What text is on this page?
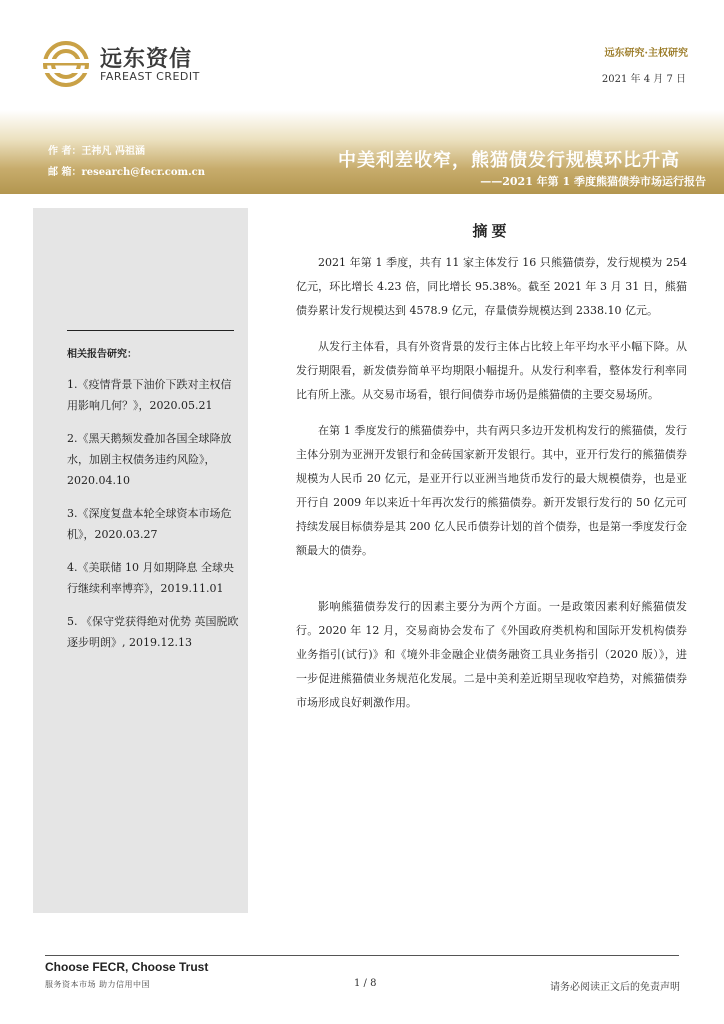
远东资信
FAREAST CREDIT
远东研究·主权研究
2021 年 4 月 7 日
作 者：王祎凡 冯祖涵
邮 箱：research@fecr.com.cn
中美利差收窄，熊猫债发行规模环比升高
——2021 年第 1 季度熊猫债券市场运行报告
相关报告研究：
1.《疫情背景下油价下跌对主权信用影响几何？》，2020.05.21
2.《黑天鹅频发叠加各国全球降放水，加剧主权债务违约风险》，2020.04.10
3.《深度复盘本轮全球资本市场危机》，2020.03.27
4.《美联储 10 月如期降息 全球央行继续利率博弈》，2019.11.01
5. 《保守党获得绝对优势 英国脱欧逐步明朗》, 2019.12.13
摘要

2021 年第 1 季度，共有 11 家主体发行 16 只熊猫债券，发行规模为 254 亿元，环比增长 4.23 倍，同比增长 95.38%。截至 2021 年 3 月 31 日，熊猫债券累计发行规模达到 4578.9 亿元，存量债券规模达到 2338.10 亿元。

从发行主体看，具有外资背景的发行主体占比较上年平均水平小幅下降。从发行期限看，新发债券简单平均期限小幅提升。从发行利率看，整体发行利率同比有所上涨。从交易市场看，银行间债券市场仍是熊猫债的主要交易场所。

在第 1 季度发行的熊猫债券中，共有两只多边开发机构发行的熊猫债，发行主体分别为亚洲开发银行和金砖国家新开发银行。其中，亚开行发行的熊猫债券规模为人民币 20 亿元，是亚开行以亚洲当地货币发行的最大规模债券，也是亚开行自 2009 年以来近十年再次发行的熊猫债券。新开发银行发行的 50 亿元可持续发展目标债券是其 200 亿人民币债券计划的首个债券，也是第一季度发行金额最大的债券。

影响熊猫债券发行的因素主要分为两个方面。一是政策因素利好熊猫债发行。2020 年 12 月，交易商协会发布了《外国政府类机构和国际开发机构债券业务指引(试行)》和《境外非金融企业债务融资工具业务指引（2020 版）》，进一步促进熊猫债业务规范化发展。二是中美利差近期呈现收窄趋势，对熊猫债券市场形成良好刺激作用。

Choose FECR, Choose Trust
服务资本市场 助力信用中国	1 / 8	请务必阅读正文后的免责声明
